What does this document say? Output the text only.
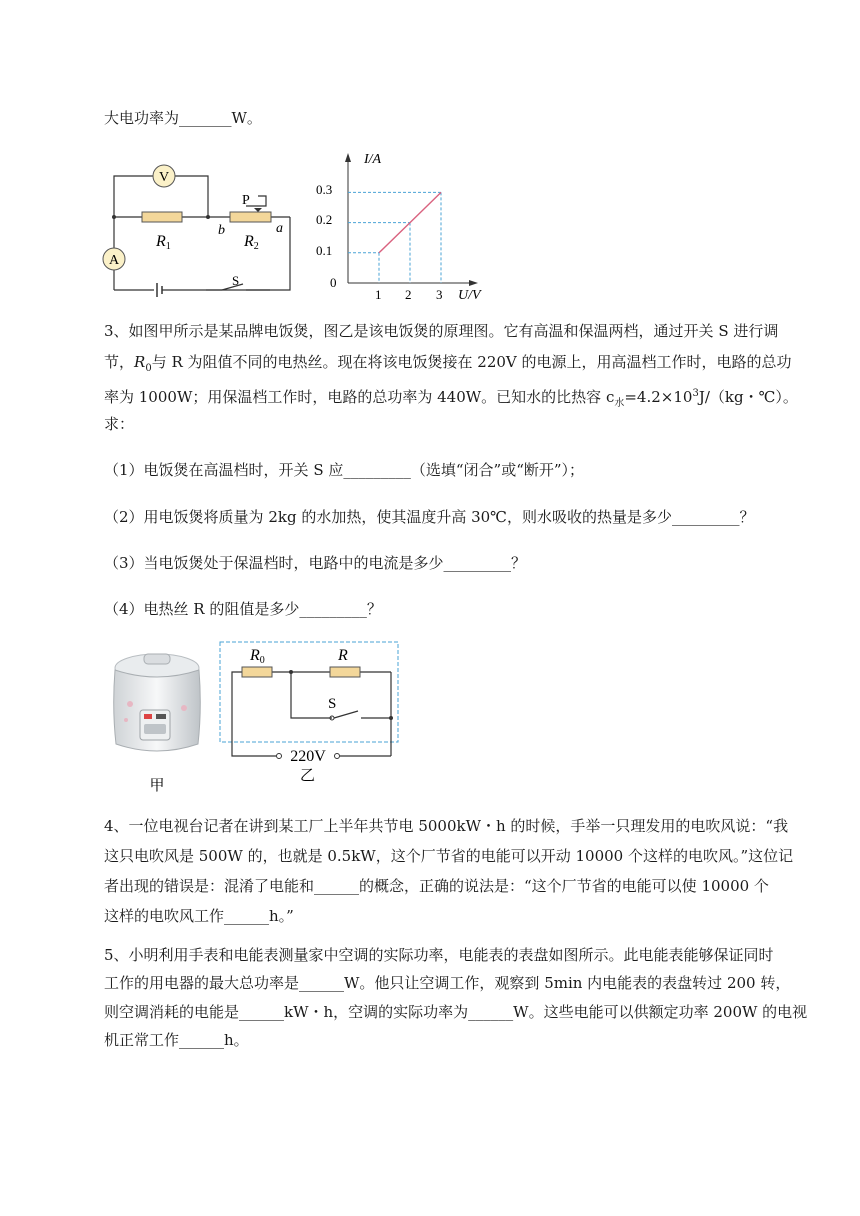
大电功率为_______W。
V
A
R1	R2
P
b	a
S
I/A
U/V
0.3
0.2
0.1
0
1 2 3
3、如图甲所示是某品牌电饭煲，图乙是该电饭煲的原理图。它有高温和保温两档，通过开关 S 进行调
节，$R_0$与 R 为阻值不同的电热丝。现在将该电饭煲接在 220V 的电源上，用高温档工作时，电路的总功
率为 1000W；用保温档工作时，电路的总功率为 440W。已知水的比热容 $c_水=4.2\times 10^3J/(kg$・℃）。
求：
（1）电饭煲在高温档时，开关 S 应_________（选填“闭合”或“断开”）；
（2）用电饭煲将质量为 2kg 的水加热，使其温度升高 30℃，则水吸收的热量是多少_________？
（3）当电饭煲处于保温档时，电路中的电流是多少_________？
（4）电热丝 R 的阻值是多少_________？
甲
R0	R
S
220V
乙
4、一位电视台记者在讲到某工厂上半年共节电 5000kW・h 的时候，手举一只理发用的电吹风说：“我
这只电吹风是 500W 的，也就是 0.5kW，这个厂节省的电能可以开动 10000 个这样的电吹风。”这位记
者出现的错误是：混淆了电能和______的概念，正确的说法是：“这个厂节省的电能可以使 10000 个
这样的电吹风工作______h。”
5、小明利用手表和电能表测量家中空调的实际功率，电能表的表盘如图所示。此电能表能够保证同时
工作的用电器的最大总功率是______W。他只让空调工作，观察到 5min 内电能表的表盘转过 200 转，
则空调消耗的电能是______kW・h，空调的实际功率为______W。这些电能可以供额定功率 200W 的电视
机正常工作______h。
